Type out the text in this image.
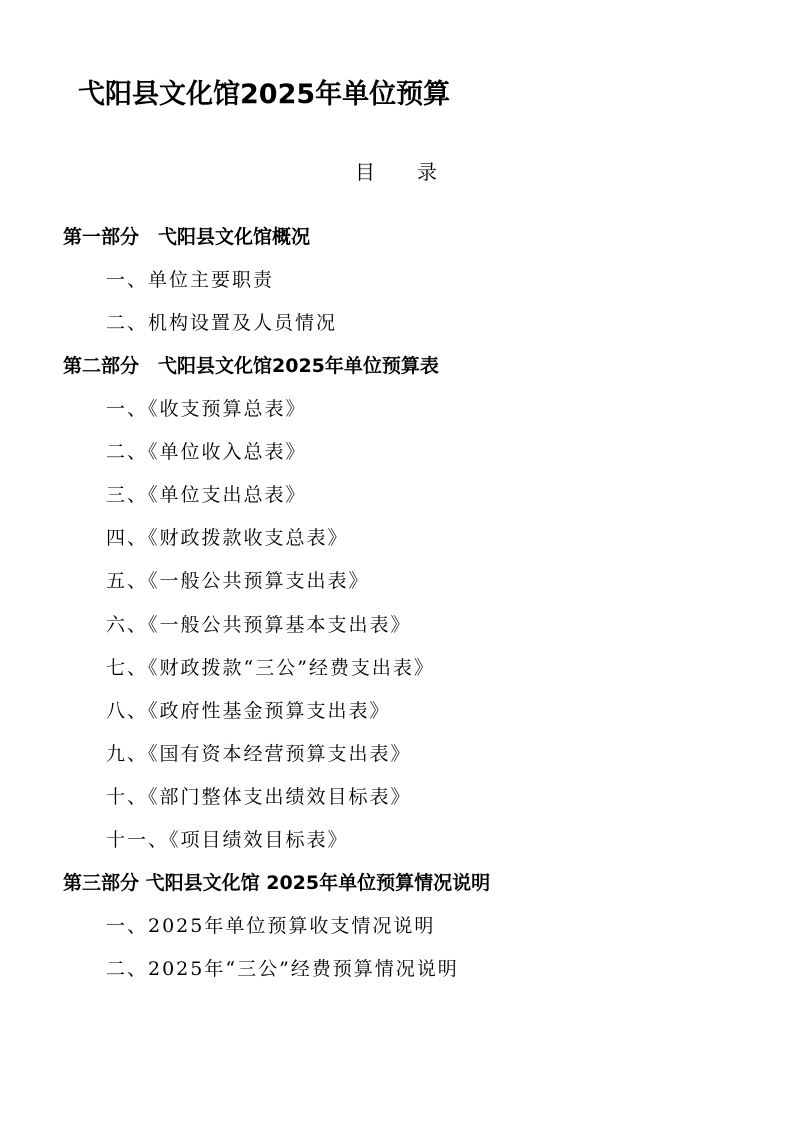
弋阳县文化馆2025年单位预算
目录
第一部分　弋阳县文化馆概况
一、单位主要职责
二、机构设置及人员情况
第二部分　弋阳县文化馆2025年单位预算表
一、《收支预算总表》
二、《单位收入总表》
三、《单位支出总表》
四、《财政拨款收支总表》
五、《一般公共预算支出表》
六、《一般公共预算基本支出表》
七、《财政拨款“三公”经费支出表》
八、《政府性基金预算支出表》
九、《国有资本经营预算支出表》
十、《部门整体支出绩效目标表》
十一、《项目绩效目标表》
第三部分 弋阳县文化馆 2025年单位预算情况说明
一、2025年单位预算收支情况说明
二、2025年“三公”经费预算情况说明
